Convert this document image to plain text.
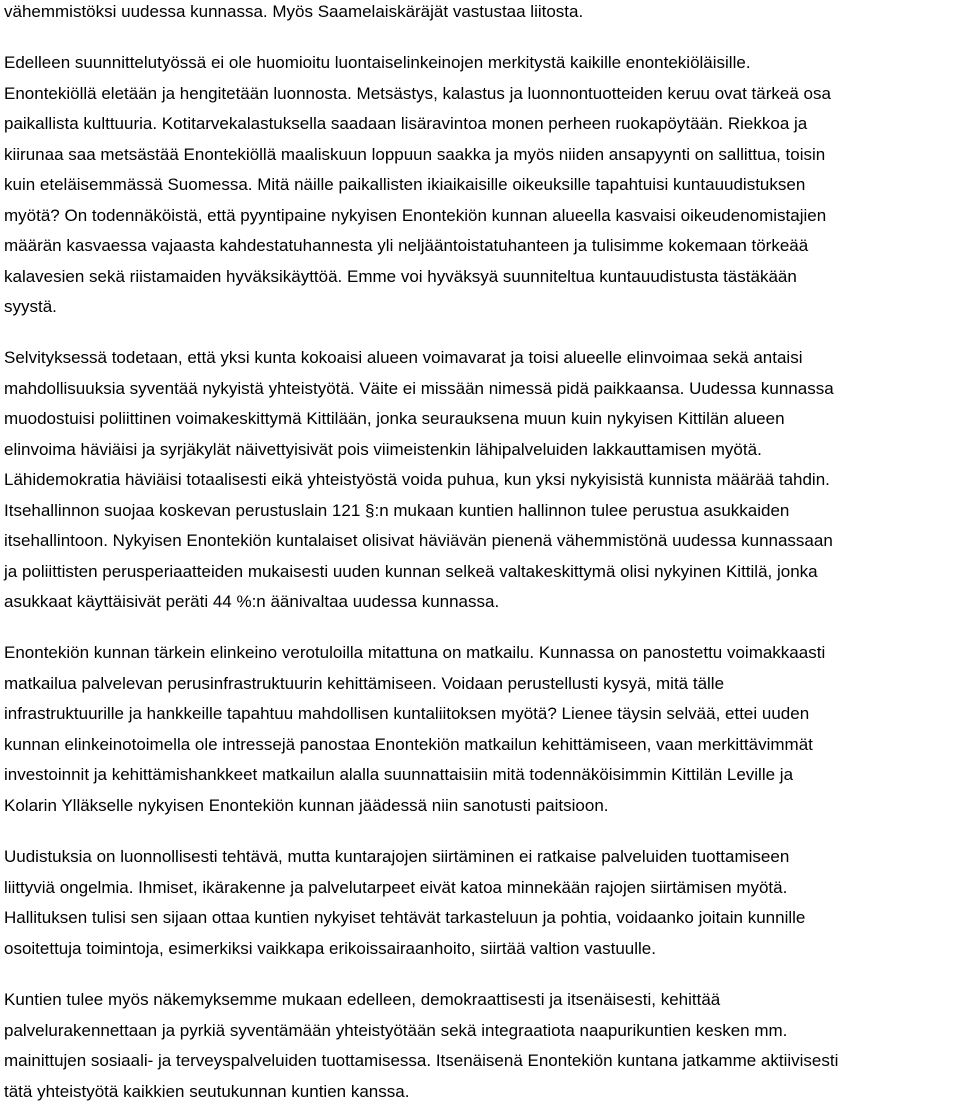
vähemmistöksi uudessa kunnassa. Myös Saamelaiskäräjät vastustaa liitosta.
Edelleen suunnittelutyössä ei ole huomioitu luontaiselinkeinojen merkitystä kaikille enontekiöläisille.
Enontekiöllä eletään ja hengitetään luonnosta. Metsästys, kalastus ja luonnontuotteiden keruu ovat tärkeä osa
paikallista kulttuuria. Kotitarvekalastuksella saadaan lisäravintoa monen perheen ruokapöytään. Riekkoa ja
kiirunaa saa metsästää Enontekiöllä maaliskuun loppuun saakka ja myös niiden ansapyynti on sallittua, toisin
kuin eteläisemmässä Suomessa. Mitä näille paikallisten ikiaikaisille oikeuksille tapahtuisi kuntauudistuksen
myötä? On todennäköistä, että pyyntipaine nykyisen Enontekiön kunnan alueella kasvaisi oikeudenomistajien
määrän kasvaessa vajaasta kahdestatuhannesta yli neljääntoistatuhanteen ja tulisimme kokemaan törkeää
kalavesien sekä riistamaiden hyväksikäyttöä. Emme voi hyväksyä suunniteltua kuntauudistusta tästäkään
syystä.
Selvityksessä todetaan, että yksi kunta kokoaisi alueen voimavarat ja toisi alueelle elinvoimaa sekä antaisi
mahdollisuuksia syventää nykyistä yhteistyötä. Väite ei missään nimessä pidä paikkaansa. Uudessa kunnassa
muodostuisi poliittinen voimakeskittymä Kittilään, jonka seurauksena muun kuin nykyisen Kittilän alueen
elinvoima häviäisi ja syrjäkylät näivettyisivät pois viimeistenkin lähipalveluiden lakkauttamisen myötä.
Lähidemokratia häviäisi totaalisesti eikä yhteistyöstä voida puhua, kun yksi nykyisistä kunnista määrää tahdin.
Itsehallinnon suojaa koskevan perustuslain 121 §:n mukaan kuntien hallinnon tulee perustua asukkaiden
itsehallintoon. Nykyisen Enontekiön kuntalaiset olisivat häviävän pienenä vähemmistönä uudessa kunnassaan
ja poliittisten perusperiaatteiden mukaisesti uuden kunnan selkeä valtakeskittymä olisi nykyinen Kittilä, jonka
asukkaat käyttäisivät peräti 44 %:n äänivaltaa uudessa kunnassa.
Enontekiön kunnan tärkein elinkeino verotuloilla mitattuna on matkailu. Kunnassa on panostettu voimakkaasti
matkailua palvelevan perusinfrastruktuurin kehittämiseen. Voidaan perustellusti kysyä, mitä tälle
infrastruktuurille ja hankkeille tapahtuu mahdollisen kuntaliitoksen myötä? Lienee täysin selvää, ettei uuden
kunnan elinkeinotoimella ole intressejä panostaa Enontekiön matkailun kehittämiseen, vaan merkittävimmät
investoinnit ja kehittämishankkeet matkailun alalla suunnattaisiin mitä todennäköisimmin Kittilän Leville ja
Kolarin Ylläkselle nykyisen Enontekiön kunnan jäädessä niin sanotusti paitsioon.
Uudistuksia on luonnollisesti tehtävä, mutta kuntarajojen siirtäminen ei ratkaise palveluiden tuottamiseen
liittyviä ongelmia. Ihmiset, ikärakenne ja palvelutarpeet eivät katoa minnekään rajojen siirtämisen myötä.
Hallituksen tulisi sen sijaan ottaa kuntien nykyiset tehtävät tarkasteluun ja pohtia, voidaanko joitain kunnille
osoitettuja toimintoja, esimerkiksi vaikkapa erikoissairaanhoito, siirtää valtion vastuulle.
Kuntien tulee myös näkemyksemme mukaan edelleen, demokraattisesti ja itsenäisesti, kehittää
palvelurakennettaan ja pyrkiä syventämään yhteistyötään sekä integraatiota naapurikuntien kesken mm.
mainittujen sosiaali- ja terveyspalveluiden tuottamisessa. Itsenäisenä Enontekiön kuntana jatkamme aktiivisesti
tätä yhteistyötä kaikkien seutukunnan kuntien kanssa.
